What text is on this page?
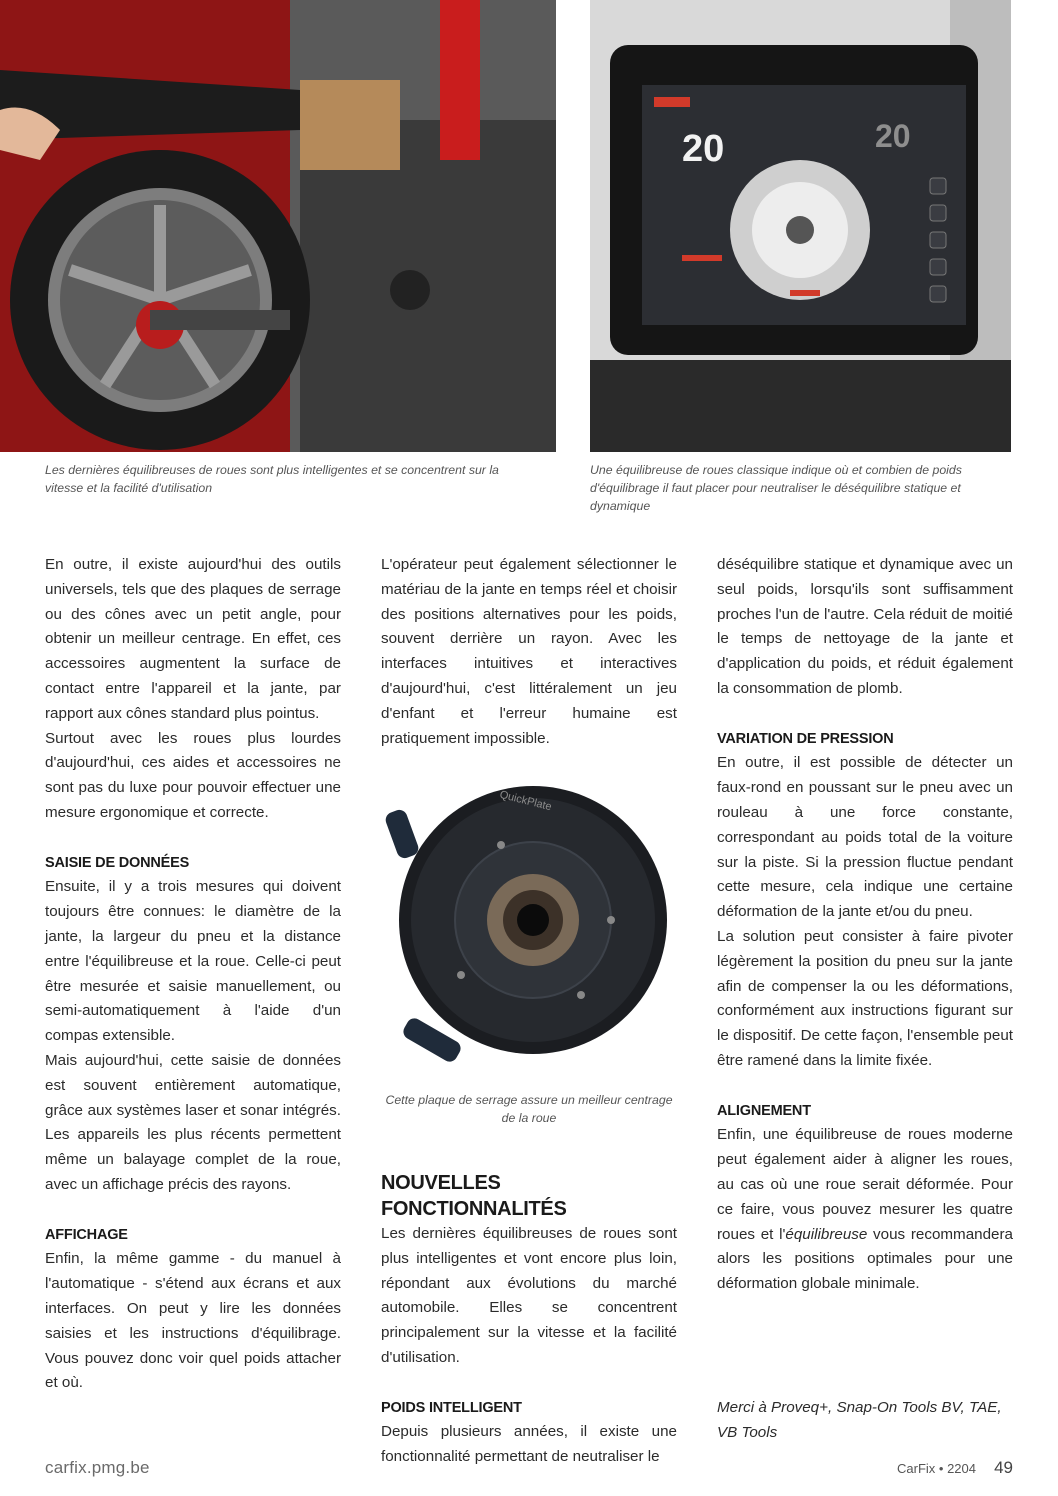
Les dernières équilibreuses de roues sont plus intelligentes et se concentrent sur la vitesse et la facilité d'utilisation
20	20
Une équilibreuse de roues classique indique où et combien de poids d'équilibrage il faut placer pour neutraliser le déséquilibre statique et dynamique

En outre, il existe aujourd'hui des outils universels, tels que des plaques de serrage ou des cônes avec un petit angle, pour obtenir un meilleur centrage. En effet, ces accessoires augmentent la surface de contact entre l'appareil et la jante, par rapport aux cônes standard plus pointus.

Surtout avec les roues plus lourdes d'aujourd'hui, ces aides et accessoires ne sont pas du luxe pour pouvoir effectuer une mesure ergonomique et correcte.

SAISIE DE DONNÉES

Ensuite, il y a trois mesures qui doivent toujours être connues: le diamètre de la jante, la largeur du pneu et la distance entre l'équilibreuse et la roue. Celle-ci peut être mesurée et saisie manuellement, ou semi-automatiquement à l'aide d'un compas extensible.

Mais aujourd'hui, cette saisie de données est souvent entièrement automatique, grâce aux systèmes laser et sonar intégrés. Les appareils les plus récents permettent même un balayage complet de la roue, avec un affichage précis des rayons.

AFFICHAGE

Enfin, la même gamme - du manuel à l'automatique - s'étend aux écrans et aux interfaces. On peut y lire les données saisies et les instructions d'équilibrage. Vous pouvez donc voir quel poids attacher et où.

L'opérateur peut également sélectionner le matériau de la jante en temps réel et choisir des positions alternatives pour les poids, souvent derrière un rayon. Avec les interfaces intuitives et interactives d'aujourd'hui, c'est littéralement un jeu d'enfant et l'erreur humaine est pratiquement impossible.

QuickPlate
Cette plaque de serrage assure un meilleur centrage de la roue
NOUVELLES FONCTIONNALITÉS

Les dernières équilibreuses de roues sont plus intelligentes et vont encore plus loin, répondant aux évolutions du marché automobile. Elles se concentrent principalement sur la vitesse et la facilité d'utilisation.

POIDS INTELLIGENT

Depuis plusieurs années, il existe une fonctionnalité permettant de neutraliser le

déséquilibre statique et dynamique avec un seul poids, lorsqu'ils sont suffisamment proches l'un de l'autre. Cela réduit de moitié le temps de nettoyage de la jante et d'application du poids, et réduit également la consommation de plomb.

VARIATION DE PRESSION

En outre, il est possible de détecter un faux-rond en poussant sur le pneu avec un rouleau à une force constante, correspondant au poids total de la voiture sur la piste. Si la pression fluctue pendant cette mesure, cela indique une certaine déformation de la jante et/ou du pneu.

La solution peut consister à faire pivoter légèrement la position du pneu sur la jante afin de compenser la ou les déformations, conformément aux instructions figurant sur le dispositif. De cette façon, l'ensemble peut être ramené dans la limite fixée.

ALIGNEMENT

Enfin, une équilibreuse de roues moderne peut également aider à aligner les roues, au cas où une roue serait déformée. Pour ce faire, vous pouvez mesurer les quatre roues et l'équilibreuse vous recommandera alors les positions optimales pour une déformation globale minimale.

Merci à Proveq+, Snap-On Tools BV, TAE, VB Tools
carfix.pmg.be	CarFix • 2204 49
